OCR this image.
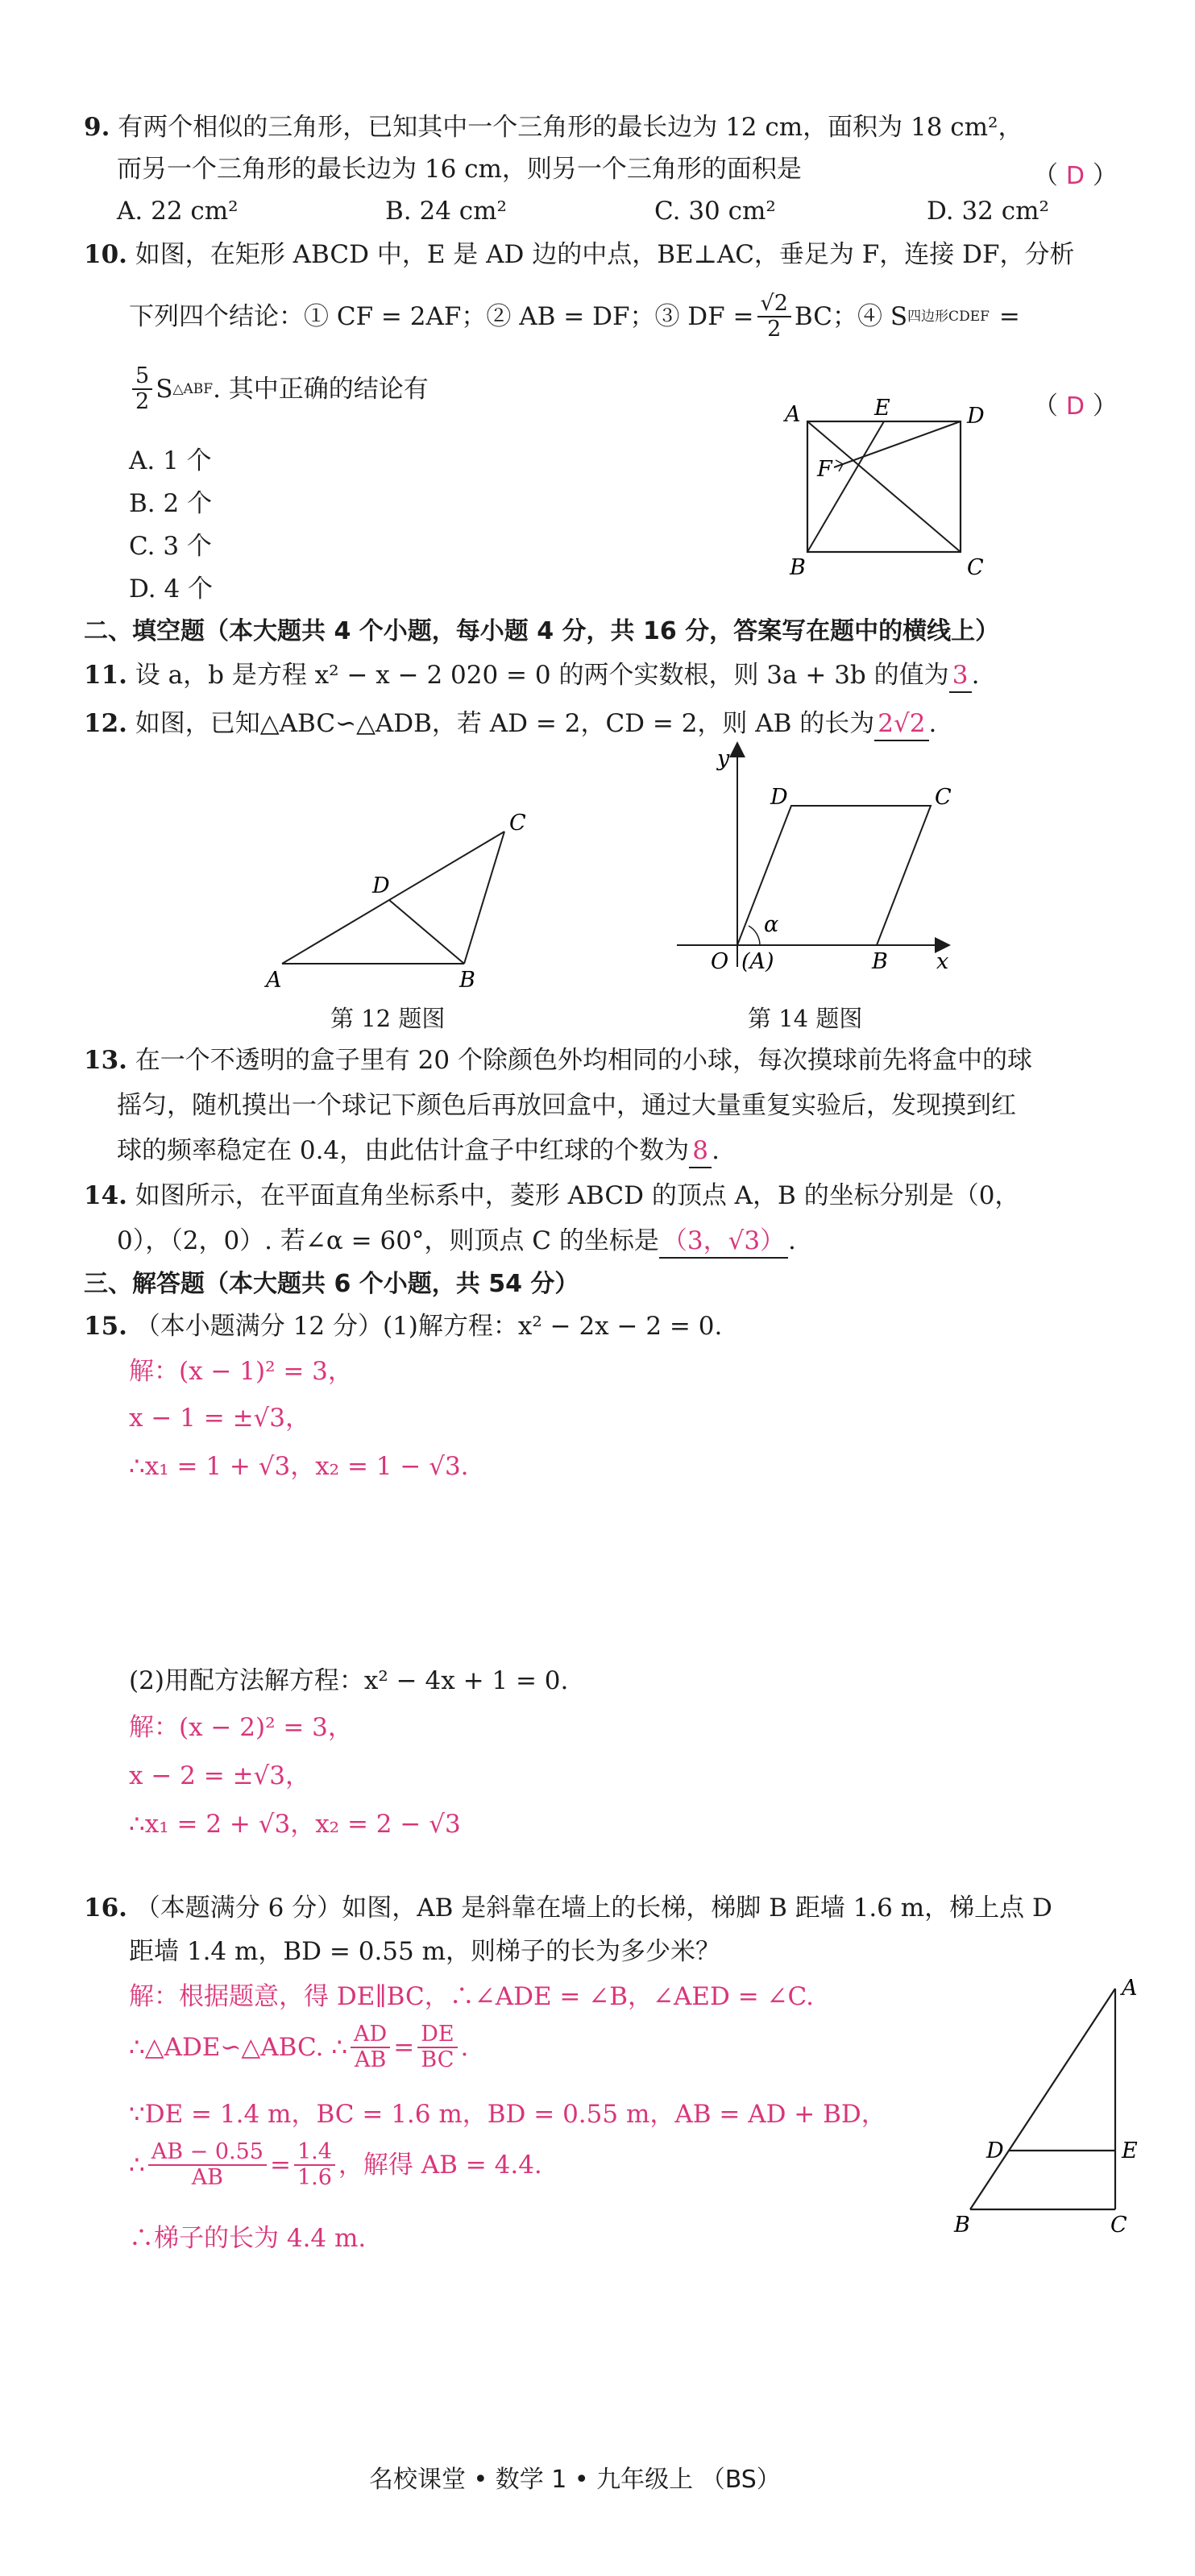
9. 有两个相似的三角形，已知其中一个三角形的最长边为 12 cm，面积为 18 cm²，
而另一个三角形的最长边为 16 cm，则另一个三角形的面积是	（ D ）
A. 22 cm²	B. 24 cm²	C. 30 cm²	D. 32 cm²
10. 如图，在矩形 ABCD 中，E 是 AD 边的中点，BE⊥AC，垂足为 F，连接 DF，分析
下列四个结论：① CF = 2AF；② AB = DF；③ DF = $\frac{√2}{2}$ BC；④ S 四边形CDEF =
$\frac{5}{2}$ S △ABF . 其中正确的结论有
（ D ）
A. 1 个
B. 2 个
C. 3 个
D. 4 个
A	E	D
F
B	C
二、填空题（本大题共 4 个小题，每小题 4 分，共 16 分，答案写在题中的横线上）
11. 设 a，b 是方程 x² − x − 2 020 = 0 的两个实数根，则 3a + 3b 的值为 3 .
12. 如图，已知△ABC∽△ADB，若 AD = 2，CD = 2，则 AB 的长为 2√2 .
C
D
A	B
第 12 题图
y
D	C
α
O (A)	B x
第 14 题图
13. 在一个不透明的盒子里有 20 个除颜色外均相同的小球，每次摸球前先将盒中的球
摇匀，随机摸出一个球记下颜色后再放回盒中，通过大量重复实验后，发现摸到红
球的频率稳定在 0.4，由此估计盒子中红球的个数为 8 .
14. 如图所示，在平面直角坐标系中，菱形 ABCD 的顶点 A，B 的坐标分别是（0，
0），（2，0）. 若∠α = 60°，则顶点 C 的坐标是 （3，√3） .
三、解答题（本大题共 6 个小题，共 54 分）
15. （本小题满分 12 分）(1)解方程：x² − 2x − 2 = 0.
解：(x − 1)² = 3，
x − 1 = ±√3，
∴x₁ = 1 + √3，x₂ = 1 − √3.
(2)用配方法解方程：x² − 4x + 1 = 0.
解：(x − 2)² = 3，
x − 2 = ±√3，
∴x₁ = 2 + √3，x₂ = 2 − √3
16. （本题满分 6 分）如图，AB 是斜靠在墙上的长梯，梯脚 B 距墙 1.6 m，梯上点 D
距墙 1.4 m，BD = 0.55 m，则梯子的长为多少米？
解：根据题意，得 DE∥BC，∴∠ADE = ∠B，∠AED = ∠C.
∴△ADE∽△ABC. ∴ $\frac{AD}{AB} = \frac{DE}{BC}$ .
∵DE = 1.4 m，BC = 1.6 m，BD = 0.55 m，AB = AD + BD，
∴ $\frac{AB - 0.55}{AB} = \frac{1.4}{1.6}$ ，解得 AB = 4.4.
∴梯子的长为 4.4 m.
A
D	E
B	C
名校课堂 • 数学 1 • 九年级上 （BS）
